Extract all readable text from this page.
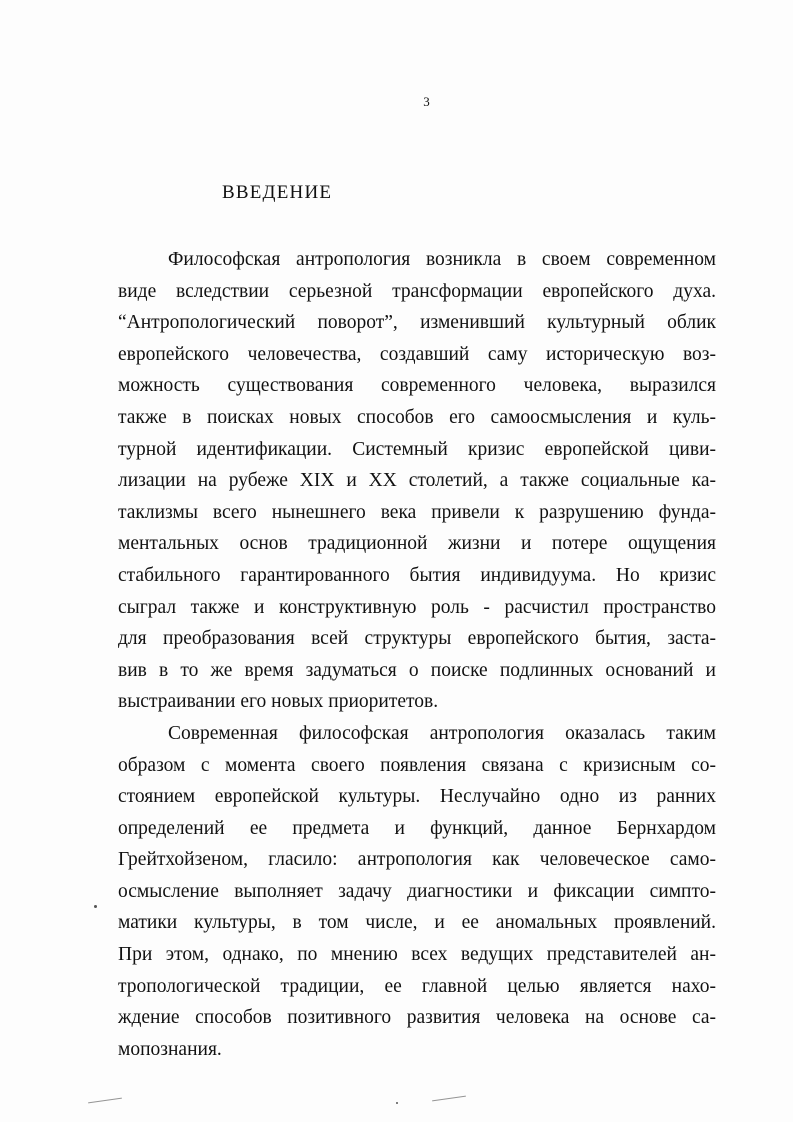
3
ВВЕДЕНИЕ
Философская антропология возникла в своем современном
виде вследствии серьезной трансформации европейского духа.
“Антропологический поворот”, изменивший культурный облик
европейского человечества, создавший саму историческую воз-
можность существования современного человека, выразился
также в поисках новых способов его самоосмысления и куль-
турной идентификации. Системный кризис европейской циви-
лизации на рубеже XIX и XX столетий, а также социальные ка-
таклизмы всего нынешнего века привели к разрушению фунда-
ментальных основ традиционной жизни и потере ощущения
стабильного гарантированного бытия индивидуума. Но кризис
сыграл также и конструктивную роль - расчистил пространство
для преобразования всей структуры европейского бытия, застa-
вив в то же время задуматься о поиске подлинных оснований и
выстраивании его новых приоритетов.
Современная философская антропология оказалась таким
образом с момента своего появления связана с кризисным со-
стоянием европейской культуры. Неслучайно одно из ранних
определений ее предмета и функций, данное Бернхардом
Грейтхойзеном, гласило: антропология как человеческое само-
осмысление выполняет задачу диагностики и фиксации симпто-
матики культуры, в том числе, и ее аномальных проявлений.
При этом, однако, по мнению всех ведущих представителей ан-
тропологической традиции, ее главной целью является нахо-
ждение способов позитивного развития человека на основе са-
мопознания.
